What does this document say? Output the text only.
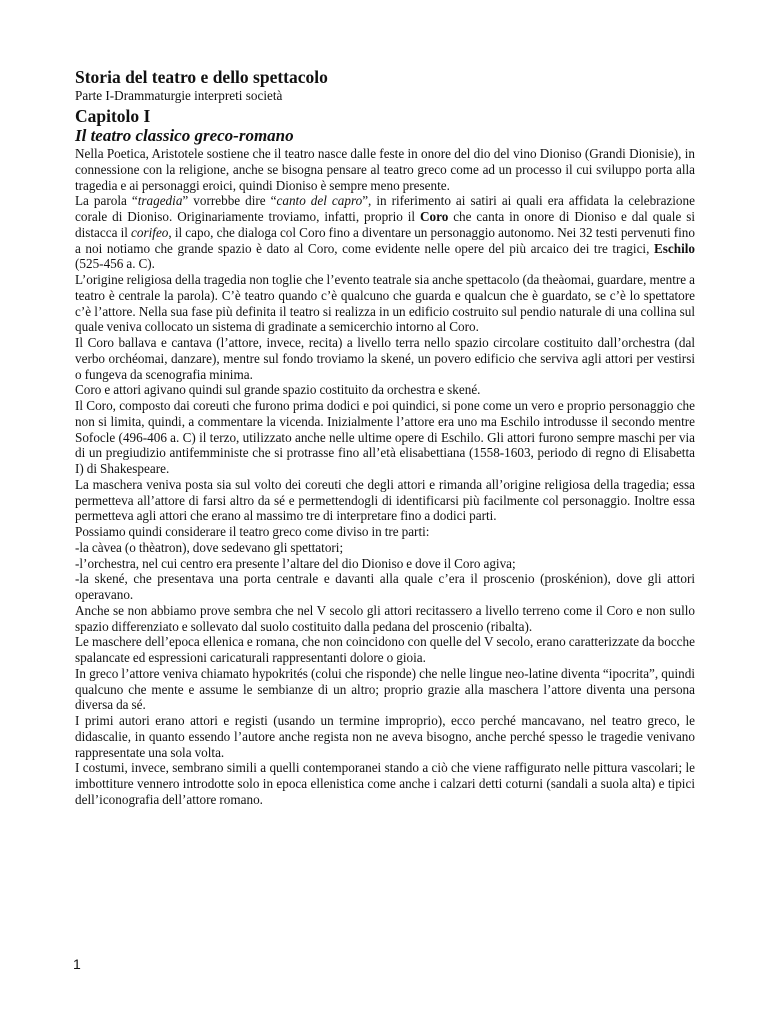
Storia del teatro e dello spettacolo
Parte I-Drammaturgie interpreti società
Capitolo I
Il teatro classico greco-romano

Nella Poetica, Aristotele sostiene che il teatro nasce dalle feste in onore del dio del vino Dioniso (Grandi Dionisie), in connessione con la religione, anche se bisogna pensare al teatro greco come ad un processo il cui sviluppo porta alla tragedia e ai personaggi eroici, quindi Dioniso è sempre meno presente.

La parola “tragedia” vorrebbe dire “canto del capro”, in riferimento ai satiri ai quali era affidata la celebrazione corale di Dioniso. Originariamente troviamo, infatti, proprio il Coro che canta in onore di Dioniso e dal quale si distacca il corifeo, il capo, che dialoga col Coro fino a diventare un personaggio autonomo. Nei 32 testi pervenuti fino a noi notiamo che grande spazio è dato al Coro, come evidente nelle opere del più arcaico dei tre tragici, Eschilo (525-456 a. C).

L’origine religiosa della tragedia non toglie che l’evento teatrale sia anche spettacolo (da theàomai, guardare, mentre a teatro è centrale la parola). C’è teatro quando c’è qualcuno che guarda e qualcun che è guardato, se c’è lo spettatore c’è l’attore. Nella sua fase più definita il teatro si realizza in un edificio costruito sul pendio naturale di una collina sul quale veniva collocato un sistema di gradinate a semicerchio intorno al Coro.

Il Coro ballava e cantava (l’attore, invece, recita) a livello terra nello spazio circolare costituito dall’orchestra (dal verbo orchéomai, danzare), mentre sul fondo troviamo la skené, un povero edificio che serviva agli attori per vestirsi o fungeva da scenografia minima.

Coro e attori agivano quindi sul grande spazio costituito da orchestra e skené.

Il Coro, composto dai coreuti che furono prima dodici e poi quindici, si pone come un vero e proprio personaggio che non si limita, quindi, a commentare la vicenda. Inizialmente l’attore era uno ma Eschilo introdusse il secondo mentre Sofocle (496-406 a. C) il terzo, utilizzato anche nelle ultime opere di Eschilo. Gli attori furono sempre maschi per via di un pregiudizio antifemministe che si protrasse fino all’età elisabettiana (1558-1603, periodo di regno di Elisabetta I) di Shakespeare.

La maschera veniva posta sia sul volto dei coreuti che degli attori e rimanda all’origine religiosa della tragedia; essa permetteva all’attore di farsi altro da sé e permettendogli di identificarsi più facilmente col personaggio. Inoltre essa permetteva agli attori che erano al massimo tre di interpretare fino a dodici parti.

Possiamo quindi considerare il teatro greco come diviso in tre parti:

-la càvea (o thèatron), dove sedevano gli spettatori;

-l’orchestra, nel cui centro era presente l’altare del dio Dioniso e dove il Coro agiva;

-la skené, che presentava una porta centrale e davanti alla quale c’era il proscenio (proskénion), dove gli attori operavano.

Anche se non abbiamo prove sembra che nel V secolo gli attori recitassero a livello terreno come il Coro e non sullo spazio differenziato e sollevato dal suolo costituito dalla pedana del proscenio (ribalta).

Le maschere dell’epoca ellenica e romana, che non coincidono con quelle del V secolo, erano caratterizzate da bocche spalancate ed espressioni caricaturali rappresentanti dolore o gioia.

In greco l’attore veniva chiamato hypokrités (colui che risponde) che nelle lingue neo-latine diventa “ipocrita”, quindi qualcuno che mente e assume le sembianze di un altro; proprio grazie alla maschera l’attore diventa una persona diversa da sé.

I primi autori erano attori e registi (usando un termine improprio), ecco perché mancavano, nel teatro greco, le didascalie, in quanto essendo l’autore anche regista non ne aveva bisogno, anche perché spesso le tragedie venivano rappresentate una sola volta.

I costumi, invece, sembrano simili a quelli contemporanei stando a ciò che viene raffigurato nelle pittura vascolari; le imbottiture vennero introdotte solo in epoca ellenistica come anche i calzari detti coturni (sandali a suola alta) e tipici dell’iconografia dell’attore romano.

1
